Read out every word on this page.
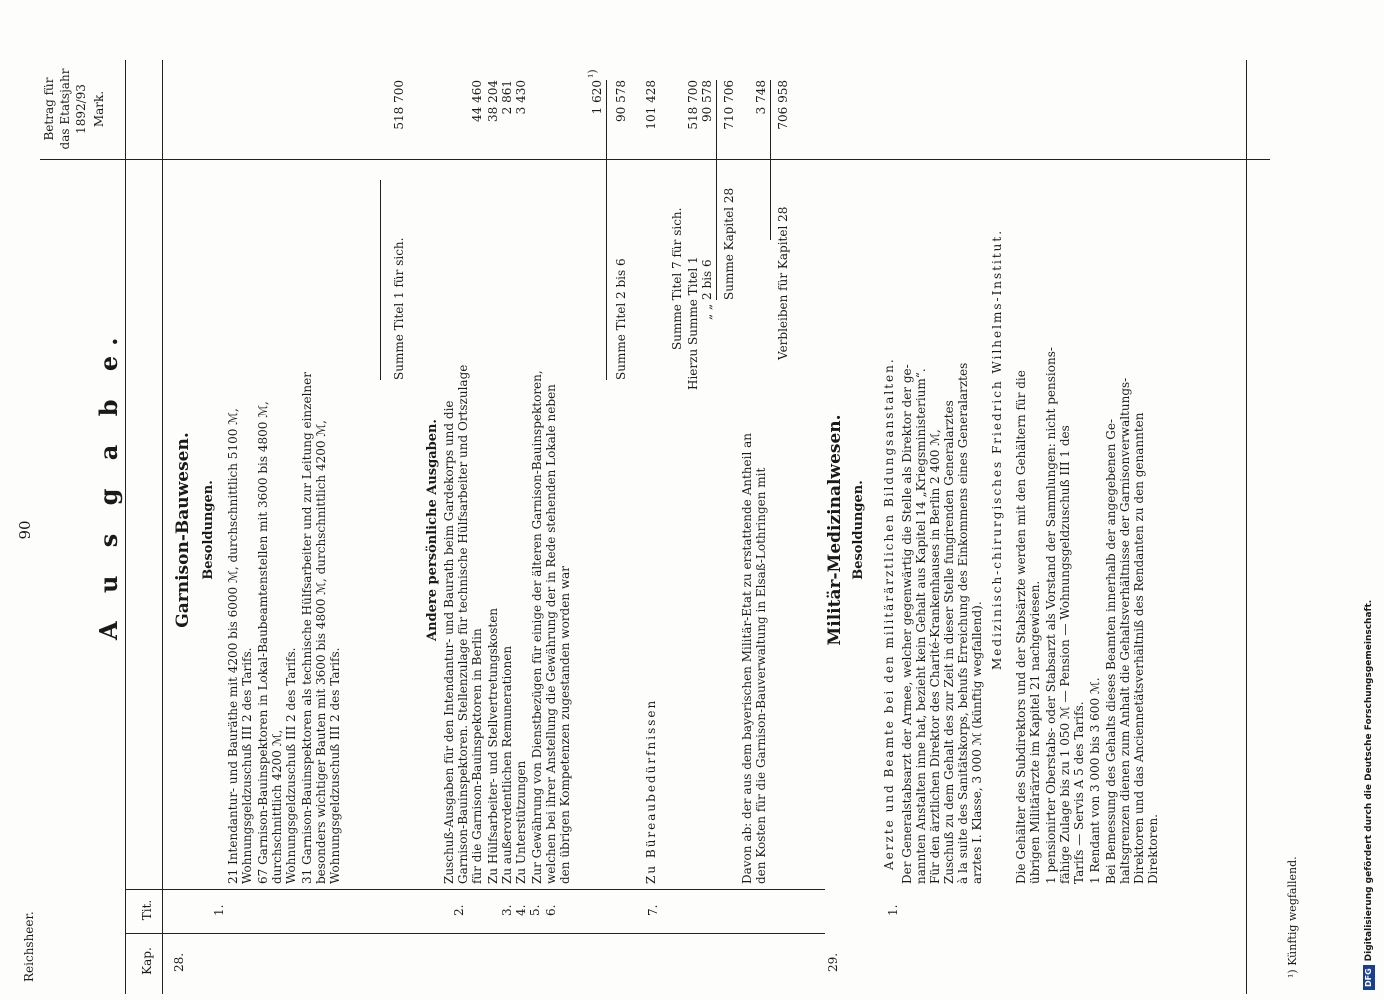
Reichsheer.
90
Kap.
Tit.
Betrag für das Etatsjahr 1892/93 Mark.
A u s g a b e.
28.
Garnison-Bauwesen. Besoldungen.
1.
21 Intendantur- und Bauräthe mit 4200 bis 6000 ℳ, durchschnittlich 5100 ℳ, Wohnungsgeldzuschuß III 2 des Tarifs. 67 Garnison-Bauinspektoren in Lokal-Baubeamtenstellen mit 3600 bis 4800 ℳ, durchschnittlich 4200 ℳ, Wohnungsgeldzuschuß III 2 des Tarifs. 31 Garnison-Bauinspektoren als technische Hülfsarbeiter und zur Leitung einzelner besonders wichtiger Bauten mit 3600 bis 4800 ℳ, durchschnittlich 4200 ℳ, Wohnungsgeldzuschuß III 2 des Tarifs.
Summe Titel 1 für sich.
518 700
Andere persönliche Ausgaben.
2.
Zuschuß-Ausgaben für den Intendantur- und Baurath beim Gardekorps und die Garnison-Bauinspektoren. Stellenzulage für technische Hülfsarbeiter und Ortszulage für die Garnison-Bauinspektoren in Berlin
44 460
3.
Zu Hülfsarbeiter- und Stellvertretungskosten
38 204
4.
Zu außerordentlichen Remunerationen
2 861
5.
Zu Unterstützungen
3 430
6.
Zur Gewährung von Dienstbezügen für einige der älteren Garnison-Bauinspektoren, welchen bei ihrer Anstellung die Gewährung der in Rede stehenden Lokale neben den übrigen Kompetenzen zugestanden worden war
1 620
¹)
Summe Titel 2 bis 6
90 578
7.
Zu Büreaubedürfnissen
101 428
Summe Titel 7 für sich. Hierzu Summe Titel 1
518 700
„ „ 2 bis 6
90 578
Summe Kapitel 28
710 706
Davon ab: der aus dem bayerischen Militär-Etat zu erstattende Antheil an den Kosten für die Garnison-Bauverwaltung in Elsaß-Lothringen mit
3 748
Verbleiben für Kapitel 28
706 958
29.
Militär-Medizinalwesen. Besoldungen.
1.
Aerzte und Beamte bei den militärärztlichen Bildungsanstalten. Der Generalstabsarzt der Armee, welcher gegenwärtig die Stelle als Direktor der ge- nannten Anstalten inne hat, bezieht kein Gehalt aus Kapitel 14 „Kriegsministerium“. Für den ärztlichen Direktor des Charité-Krankenhauses in Berlin 2 400 ℳ, Zuschuß zu dem Gehalt des zur Zeit in dieser Stelle fungirenden Generalarztes à la suite des Sanitätskorps, behufs Erreichung des Einkommens eines Generalarztes arztes I. Klasse, 3 000 ℳ (künftig wegfallend).
Medizinisch-chirurgisches Friedrich Wilhelms-Institut. Die Gehälter des Subdirektors und der Stabsärzte werden mit den Gehältern für die übrigen Militärärzte im Kapitel 21 nachgewiesen. 1 pensionirter Oberstabs- oder Stabsarzt als Vorstand der Sammlungen: nicht pensions- fähige Zulage bis zu 1 050 ℳ — Pension — Wohnungsgeldzuschuß III 1 des Tarifs — Servis A 5 des Tarifs. 1 Rendant von 3 000 bis 3 600 ℳ. Bei Bemessung des Gehalts dieses Beamten innerhalb der angegebenen Ge- haltsgrenzen dienen zum Anhalt die Gehaltsverhältnisse der Garnisonverwaltungs- Direktoren und das Anciennetätsverhältniß des Rendanten zu den genannten Direktoren.
¹) Künftig wegfallend.	DFGDigitalisierung gefördert durch die Deutsche Forschungsgemeinschaft.
